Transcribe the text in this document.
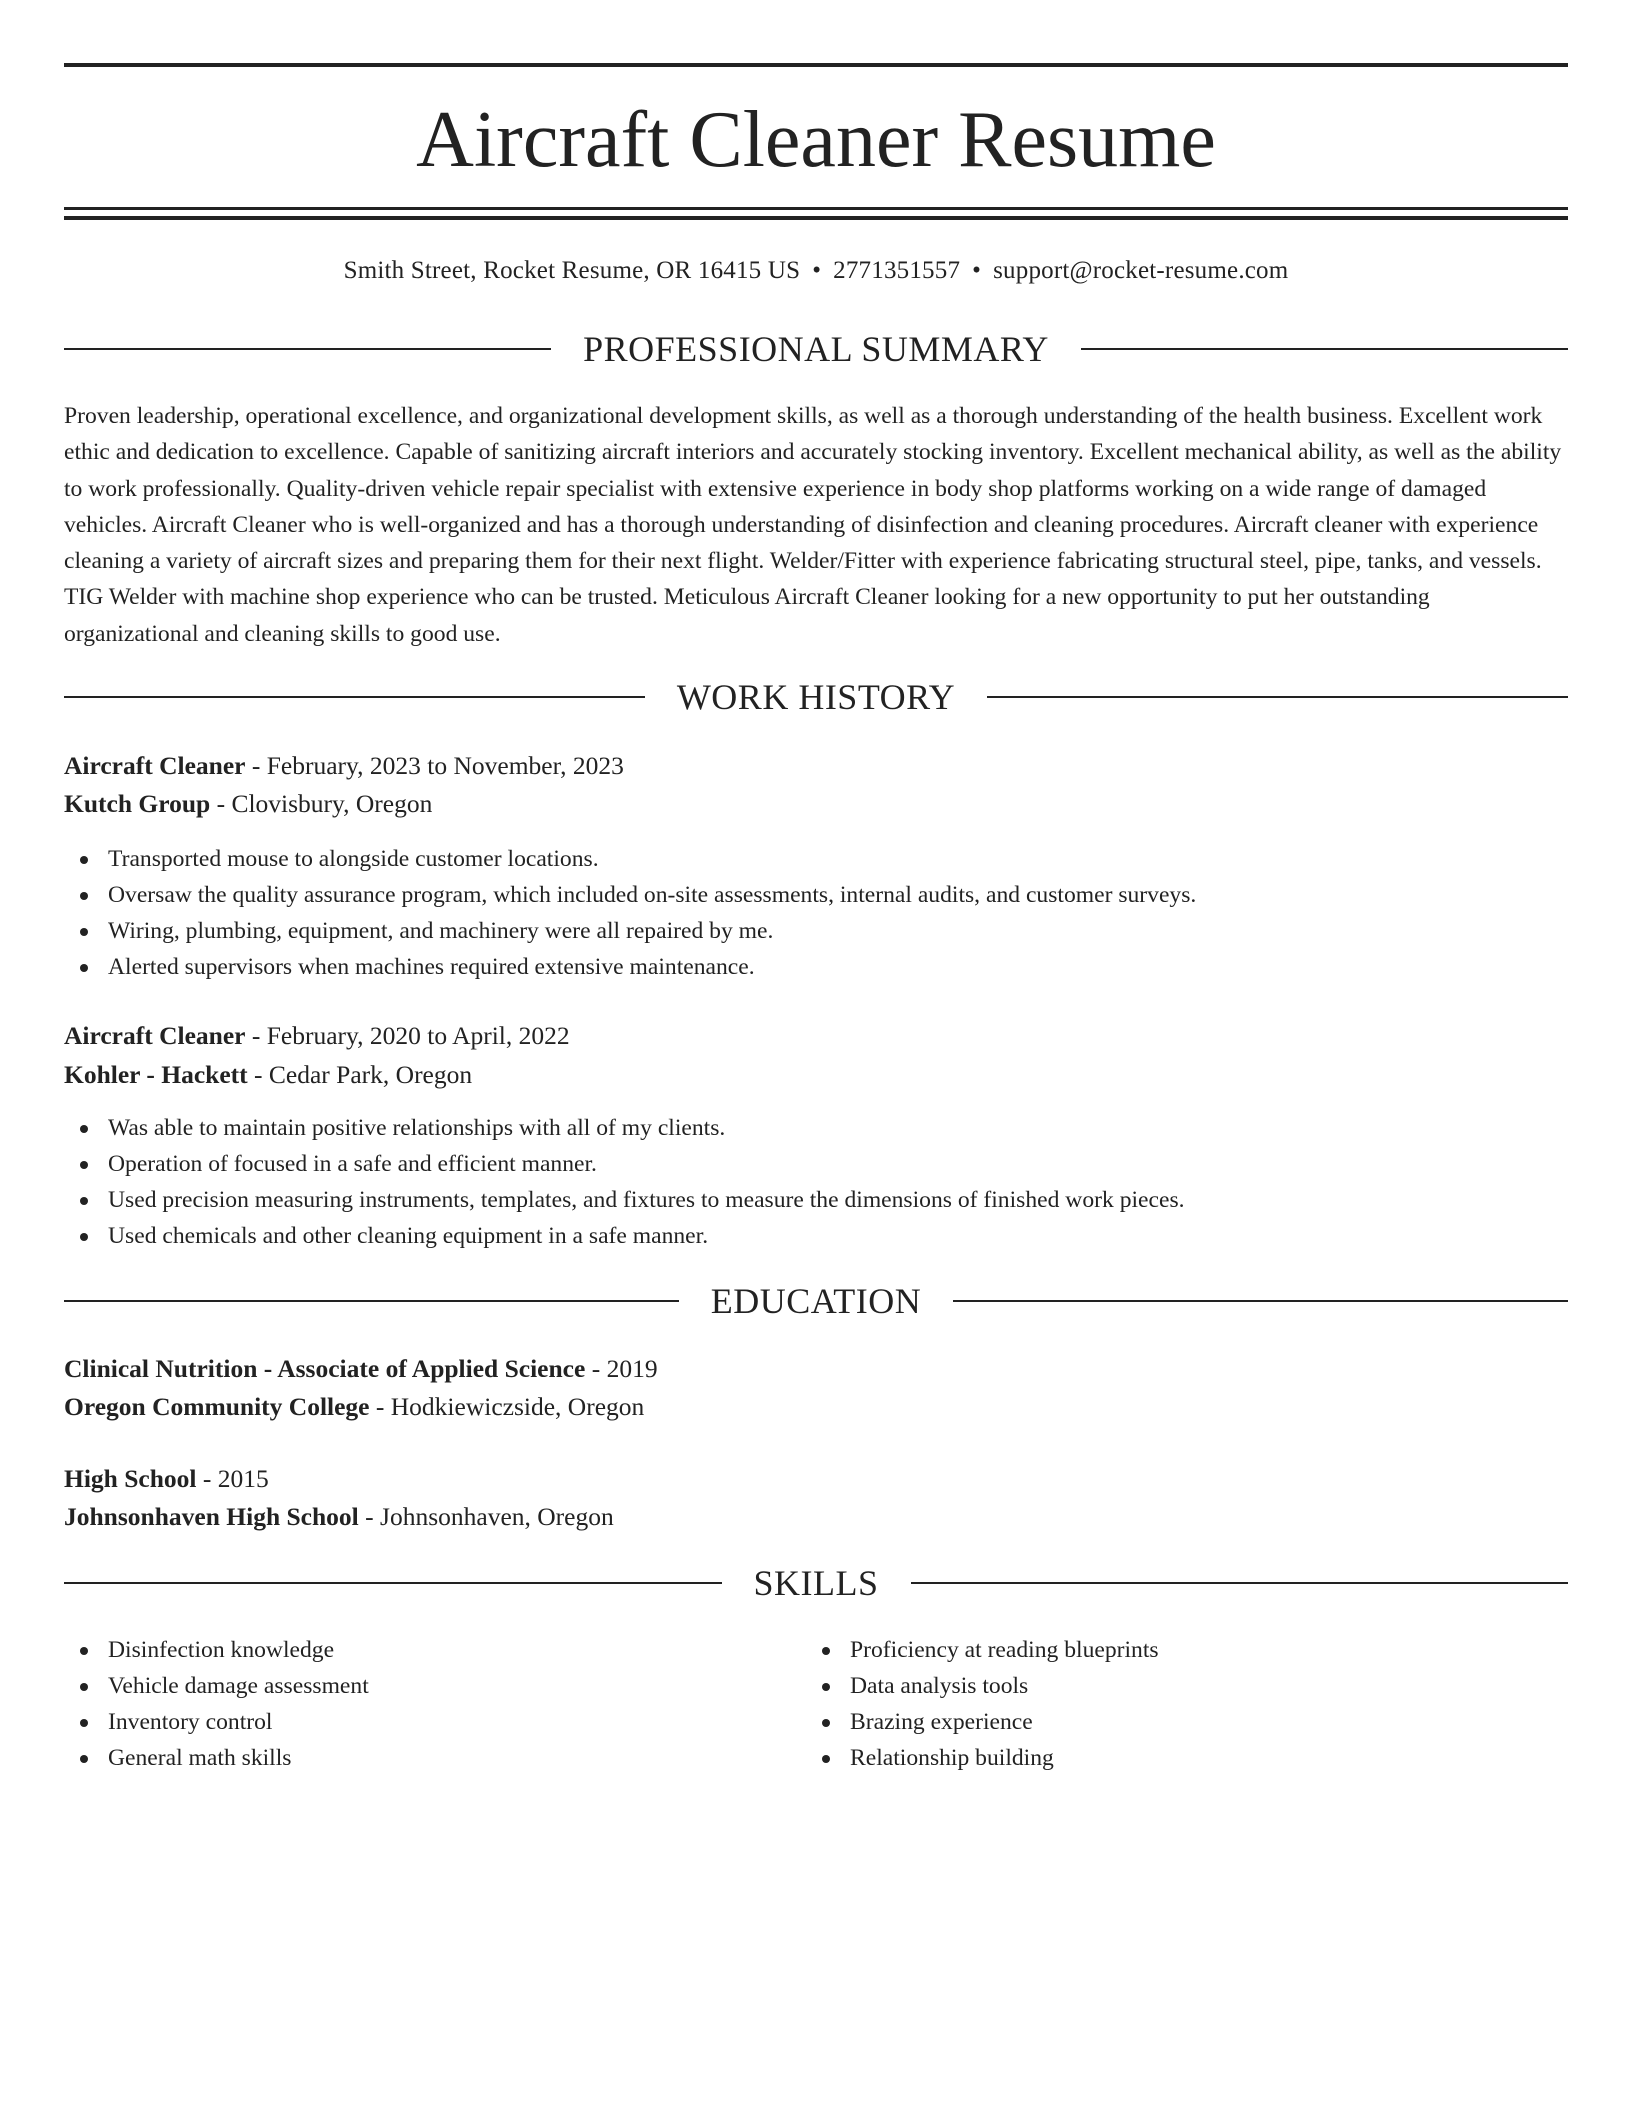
Aircraft Cleaner Resume
Smith Street, Rocket Resume, OR 16415 US • 2771351557 • support@rocket-resume.com
PROFESSIONAL SUMMARY

Proven leadership, operational excellence, and organizational development skills, as well as a thorough understanding of the health business. Excellent work ethic and dedication to excellence. Capable of sanitizing aircraft interiors and accurately stocking inventory. Excellent mechanical ability, as well as the ability to work professionally. Quality-driven vehicle repair specialist with extensive experience in body shop platforms working on a wide range of damaged vehicles. Aircraft Cleaner who is well-organized and has a thorough understanding of disinfection and cleaning procedures. Aircraft cleaner with experience cleaning a variety of aircraft sizes and preparing them for their next flight. Welder/Fitter with experience fabricating structural steel, pipe, tanks, and vessels. TIG Welder with machine shop experience who can be trusted. Meticulous Aircraft Cleaner looking for a new opportunity to put her outstanding organizational and cleaning skills to good use.

WORK HISTORY
Aircraft Cleaner - February, 2023 to November, 2023
Kutch Group - Clovisbury, Oregon
Transported mouse to alongside customer locations.
Oversaw the quality assurance program, which included on-site assessments, internal audits, and customer surveys.
Wiring, plumbing, equipment, and machinery were all repaired by me.
Alerted supervisors when machines required extensive maintenance.
Aircraft Cleaner - February, 2020 to April, 2022
Kohler - Hackett - Cedar Park, Oregon
Was able to maintain positive relationships with all of my clients.
Operation of focused in a safe and efficient manner.
Used precision measuring instruments, templates, and fixtures to measure the dimensions of finished work pieces.
Used chemicals and other cleaning equipment in a safe manner.
EDUCATION
Clinical Nutrition - Associate of Applied Science - 2019
Oregon Community College - Hodkiewiczside, Oregon
High School - 2015
Johnsonhaven High School - Johnsonhaven, Oregon
SKILLS
Disinfection knowledge
Vehicle damage assessment
Inventory control
General math skills
Proficiency at reading blueprints
Data analysis tools
Brazing experience
Relationship building
